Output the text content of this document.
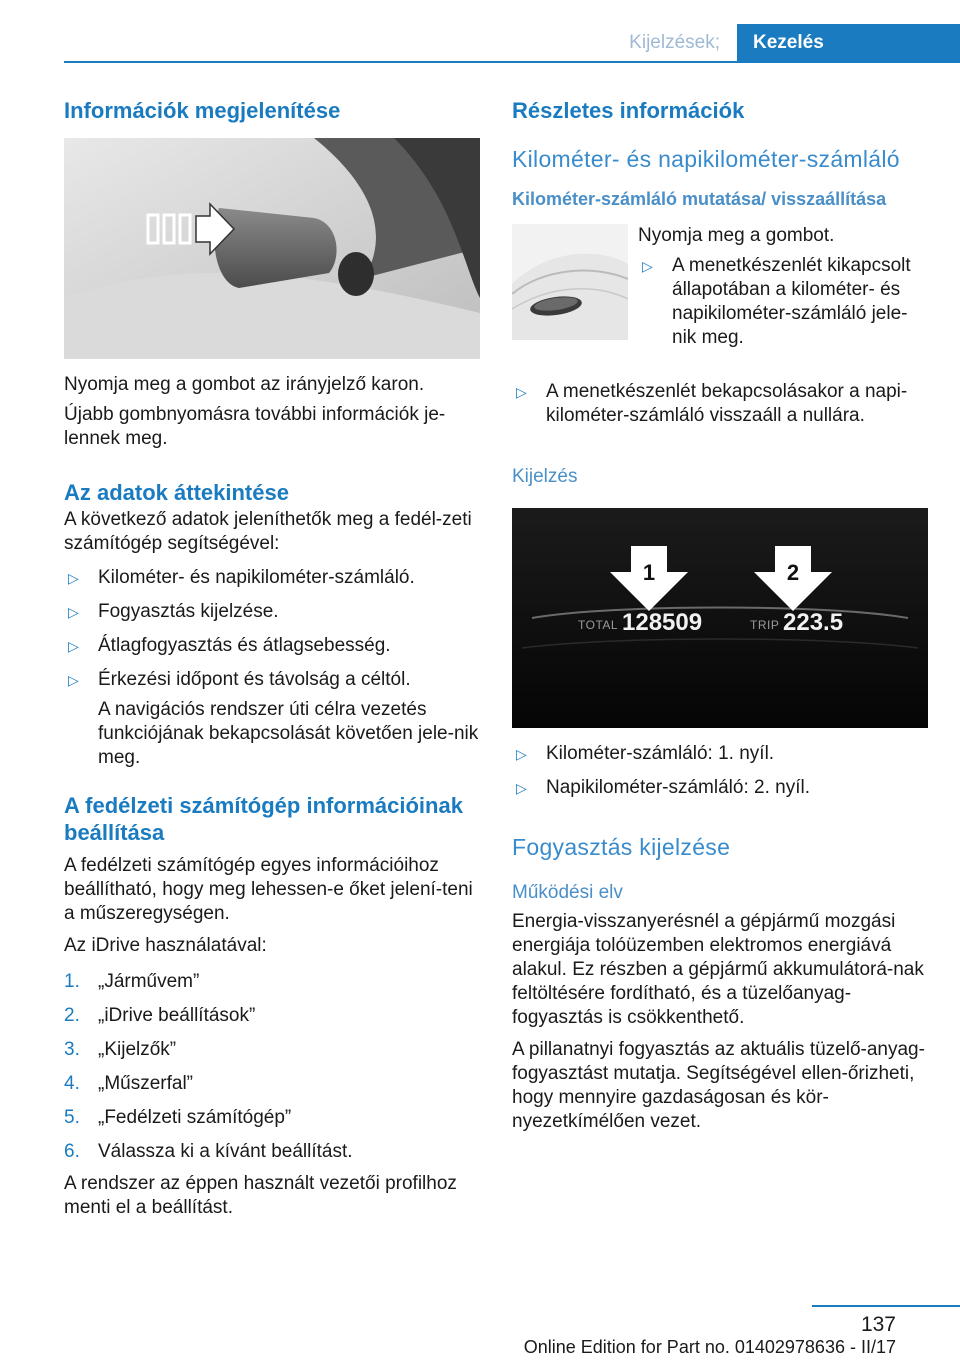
Kijelzések;	Kezelés
Információk megjelenítése

Nyomja meg a gombot az irányjelző karon.

Újabb gombnyomásra további információk je‐lennek meg.

Az adatok áttekintése

A következő adatok jeleníthetők meg a fedél‐zeti számítógép segítségével:

▷ Kilométer- és napikilométer-számláló.
▷ Fogyasztás kijelzése.
▷ Átlagfogyasztás és átlagsebesség.
▷ Érkezési időpont és távolság a céltól.

A navigációs rendszer úti célra vezetés funkciójának bekapcsolását követően jele‐nik meg.

A fedélzeti számítógép információinak beállítása

A fedélzeti számítógép egyes információihoz beállítható, hogy meg lehessen-e őket jelení‐teni a műszeregységen.

Az iDrive használatával:

1. „Járművem”
2. „iDrive beállítások”
3. „Kijelzők”
4. „Műszerfal”
5. „Fedélzeti számítógép”
6. Válassza ki a kívánt beállítást.

A rendszer az éppen használt vezetői profilhoz menti el a beállítást.

Részletes információk
Kilométer- és napikilométer-számláló
Kilométer-számláló mutatása/ visszaállítása

Nyomja meg a gombot.

▷ A menetkészenlét kikapcsolt állapotában a kilométer- és napikilométer-számláló jele‐nik meg.
▷ A menetkészenlét bekapcsolásakor a napi‐kilométer-számláló visszaáll a nullára.
Kijelzés
1	2
TOTAL 128509	TRIP 223.5
▷ Kilométer-számláló: 1. nyíl.
▷ Napikilométer-számláló: 2. nyíl.
Fogyasztás kijelzése
Működési elv

Energia-visszanyerésnél a gépjármű mozgási energiája tolóüzemben elektromos energiává alakul. Ez részben a gépjármű akkumulátorá‐nak feltöltésére fordítható, és a tüzelőanyag-fogyasztás is csökkenthető.

A pillanatnyi fogyasztás az aktuális tüzelő‐anyag-fogyasztást mutatja. Segítségével ellen‐őrizheti, hogy mennyire gazdaságosan és kör‐nyezetkímélően vezet.

137
Online Edition for Part no. 01402978636 - II/17
